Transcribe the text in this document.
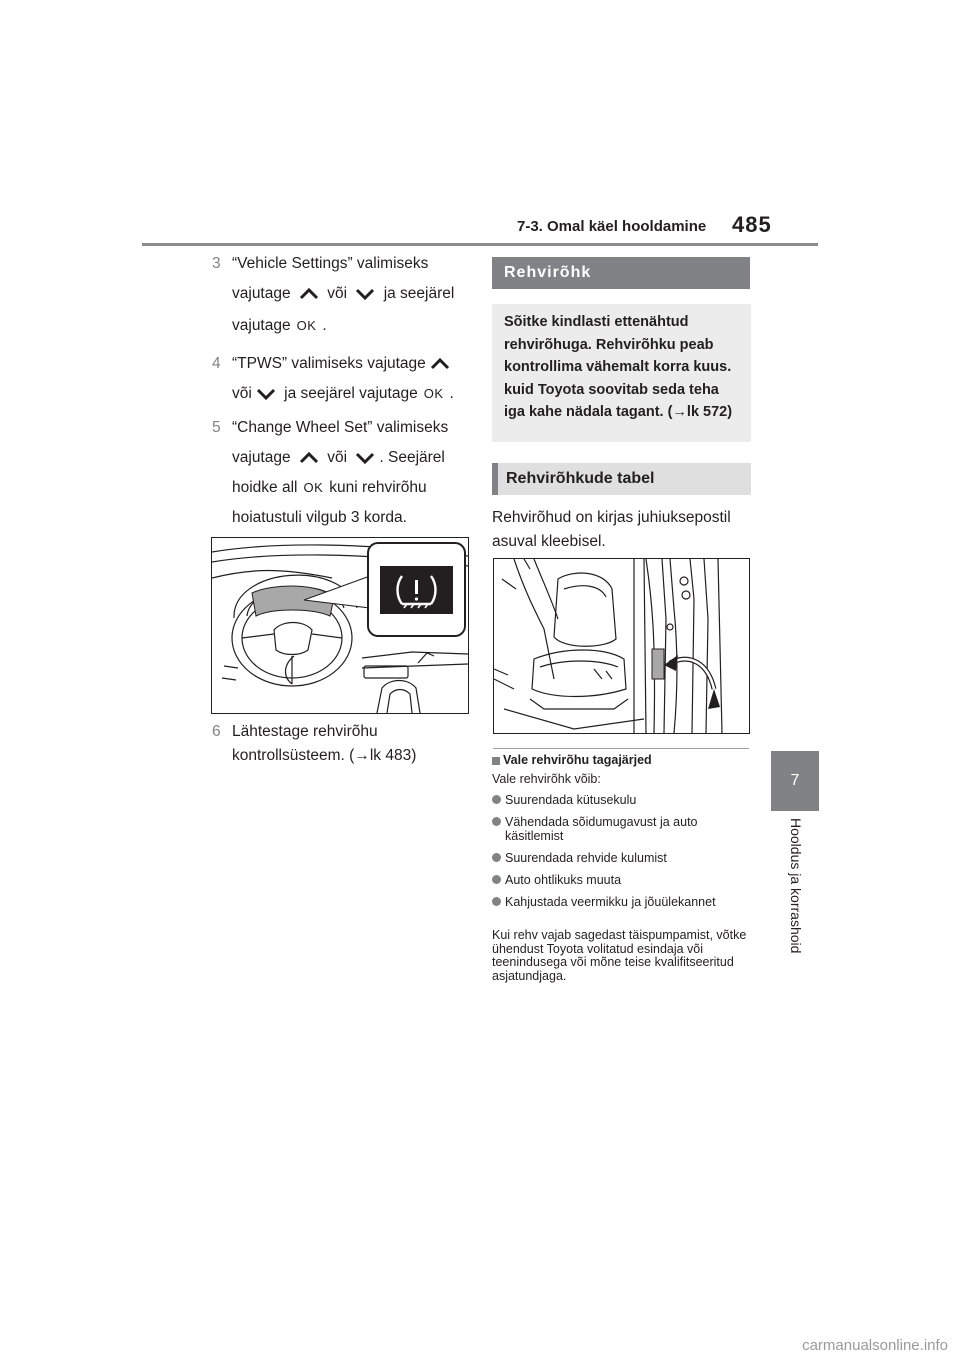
7-3. Omal käel hooldamine 485
7
Hooldus ja korrashoid
3 “Vehicle Settings” valimiseks
vajutage või ja seejärel
vajutage OK .
4 “TPWS” valimiseks vajutage
või ja seejärel vajutage OK .
5 “Change Wheel Set” valimiseks
vajutage või . Seejärel
hoidke all OK kuni rehvirõhu
hoiatustuli vilgub 3 korda.
6 Lähtestage rehvirõhu
kontrollsüsteem. (→lk 483)
Rehvirõhk
Sõitke kindlasti ettenähtud rehvirõhuga. Rehvirõhku peab kontrollima vähemalt korra kuus. kuid Toyota soovitab seda teha iga kahe nädala tagant. (→lk 572)
Rehvirõhkude tabel
Rehvirõhud on kirjas juhiuksepostil asuval kleebisel.
Vale rehvirõhu tagajärjed
Vale rehvirõhk võib:
Suurendada kütusekulu
Vähendada sõidumugavust ja auto käsitlemist
Suurendada rehvide kulumist
Auto ohtlikuks muuta
Kahjustada veermikku ja jõuülekannet
Kui rehv vajab sagedast täispumpamist, võtke ühendust Toyota volitatud esindaja või teenindusega või mõne teise kvalifitseeritud asjatundjaga.
carmanualsonline.info
